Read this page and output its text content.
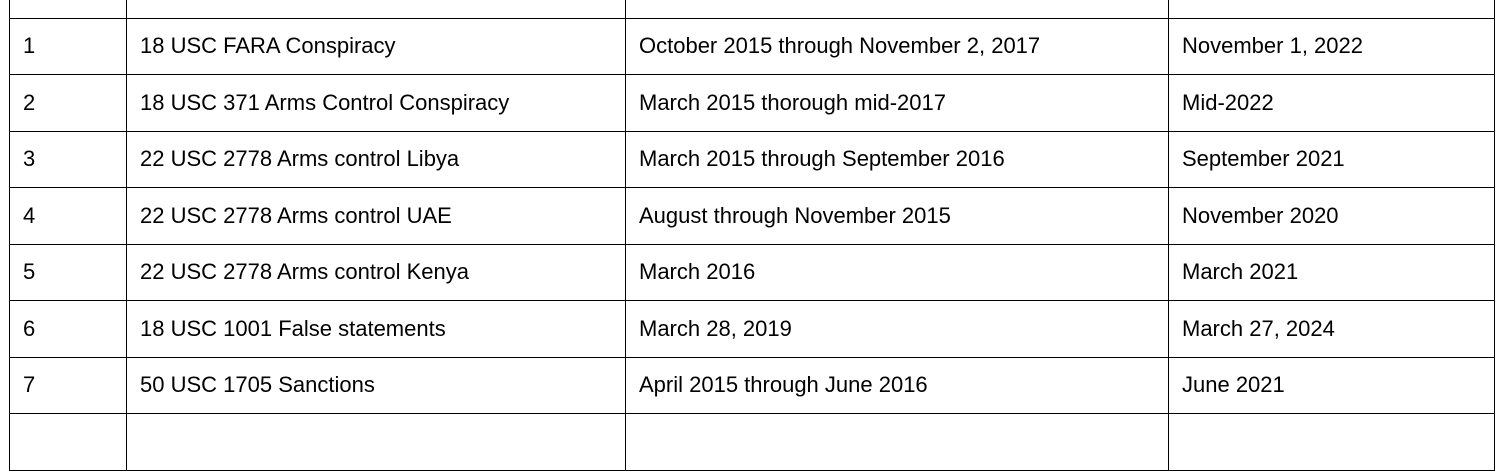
1	18 USC FARA Conspiracy	October 2015 through November 2, 2017	November 1, 2022
2	18 USC 371 Arms Control Conspiracy	March 2015 thorough mid-2017	Mid-2022
3	22 USC 2778 Arms control Libya	March 2015 through September 2016	September 2021
4	22 USC 2778 Arms control UAE	August through November 2015	November 2020
5	22 USC 2778 Arms control Kenya	March 2016	March 2021
6	18 USC 1001 False statements	March 28, 2019	March 27, 2024
7	50 USC 1705 Sanctions	April 2015 through June 2016	June 2021
